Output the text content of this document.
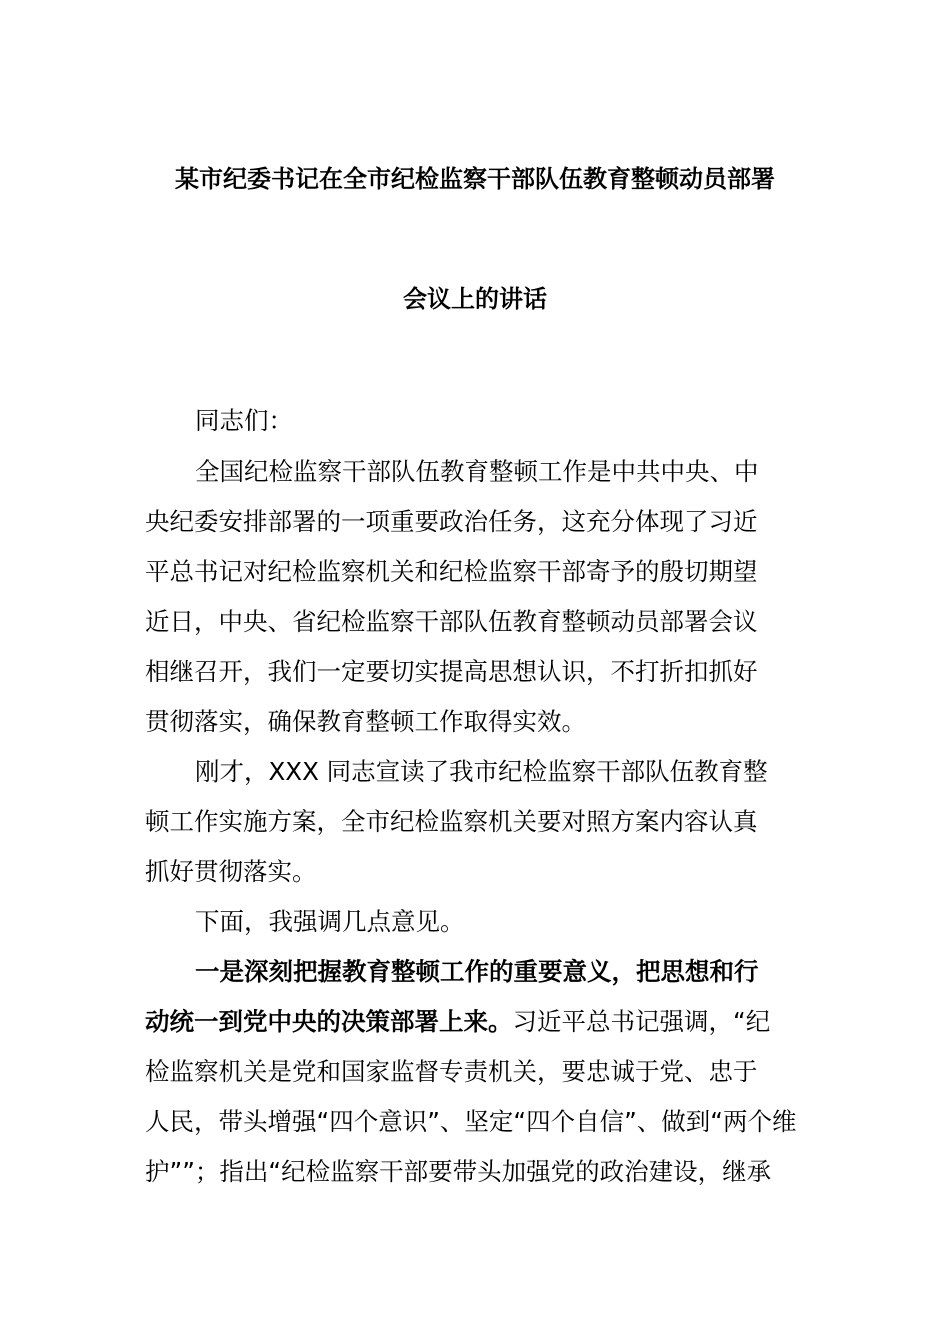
某市纪委书记在全市纪检监察干部队伍教育整顿动员部署
会议上的讲话
同志们：
全国纪检监察干部队伍教育整顿工作是中共中央、中
央纪委安排部署的一项重要政治任务，这充分体现了习近
平总书记对纪检监察机关和纪检监察干部寄予的殷切期望
近日，中央、省纪检监察干部队伍教育整顿动员部署会议
相继召开，我们一定要切实提高思想认识，不打折扣抓好
贯彻落实，确保教育整顿工作取得实效。
刚才，XXX 同志宣读了我市纪检监察干部队伍教育整
顿工作实施方案，全市纪检监察机关要对照方案内容认真
抓好贯彻落实。
下面，我强调几点意见。
一是深刻把握教育整顿工作的重要意义，把思想和行
动统一到党中央的决策部署上来。习近平总书记强调，“纪
检监察机关是党和国家监督专责机关，要忠诚于党、忠于
人民，带头增强“四个意识”、坚定“四个自信”、做到“两个维
护””；指出“纪检监察干部要带头加强党的政治建设，继承
